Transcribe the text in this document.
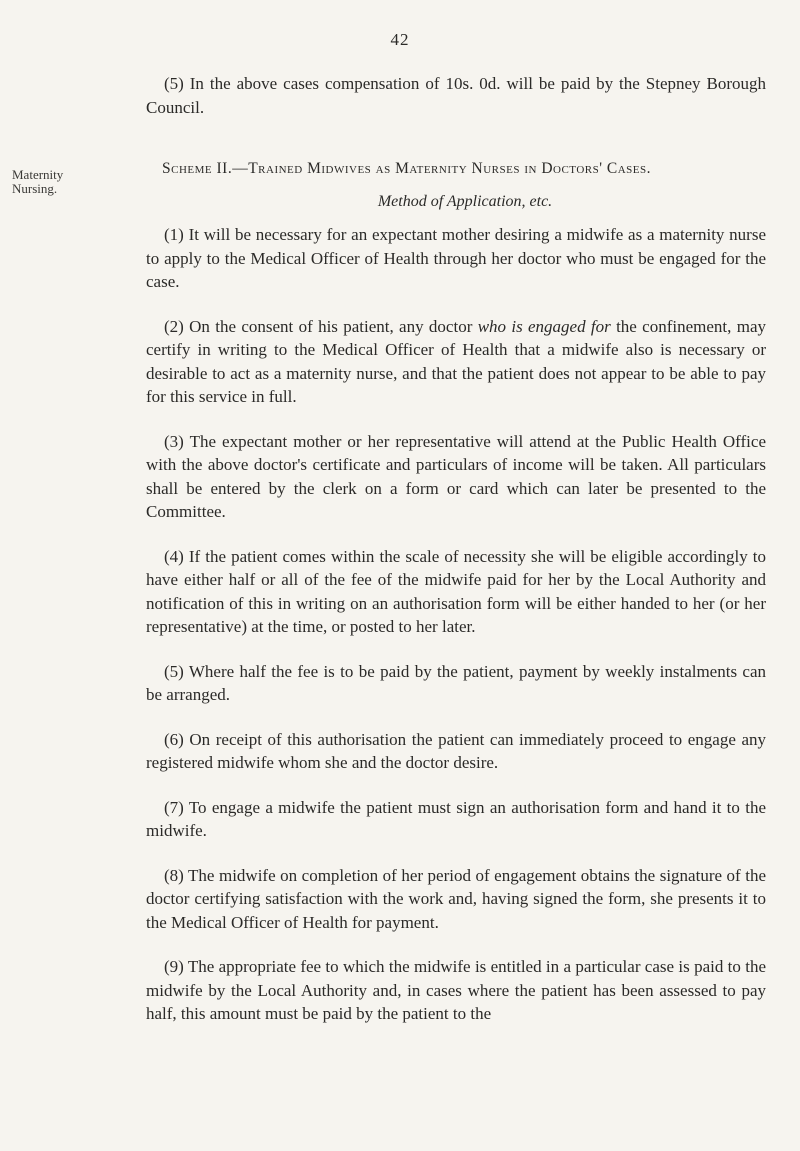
42
Maternity Nursing.

(5) In the above cases compensation of 10s. 0d. will be paid by the Stepney Borough Council.

Scheme II.—Trained Midwives as Maternity Nurses in Doctors' Cases.

Method of Application, etc.

(1) It will be necessary for an expectant mother desiring a midwife as a maternity nurse to apply to the Medical Officer of Health through her doctor who must be engaged for the case.

(2) On the consent of his patient, any doctor who is engaged for the confinement, may certify in writing to the Medical Officer of Health that a midwife also is necessary or desirable to act as a maternity nurse, and that the patient does not appear to be able to pay for this service in full.

(3) The expectant mother or her representative will attend at the Public Health Office with the above doctor's certificate and particulars of income will be taken. All particulars shall be entered by the clerk on a form or card which can later be presented to the Committee.

(4) If the patient comes within the scale of necessity she will be eligible accordingly to have either half or all of the fee of the midwife paid for her by the Local Authority and notification of this in writing on an authorisation form will be either handed to her (or her representative) at the time, or posted to her later.

(5) Where half the fee is to be paid by the patient, payment by weekly instalments can be arranged.

(6) On receipt of this authorisation the patient can immediately proceed to engage any registered midwife whom she and the doctor desire.

(7) To engage a midwife the patient must sign an authorisation form and hand it to the midwife.

(8) The midwife on completion of her period of engagement obtains the signature of the doctor certifying satisfaction with the work and, having signed the form, she presents it to the Medical Officer of Health for payment.

(9) The appropriate fee to which the midwife is entitled in a particular case is paid to the midwife by the Local Authority and, in cases where the patient has been assessed to pay half, this amount must be paid by the patient to the
